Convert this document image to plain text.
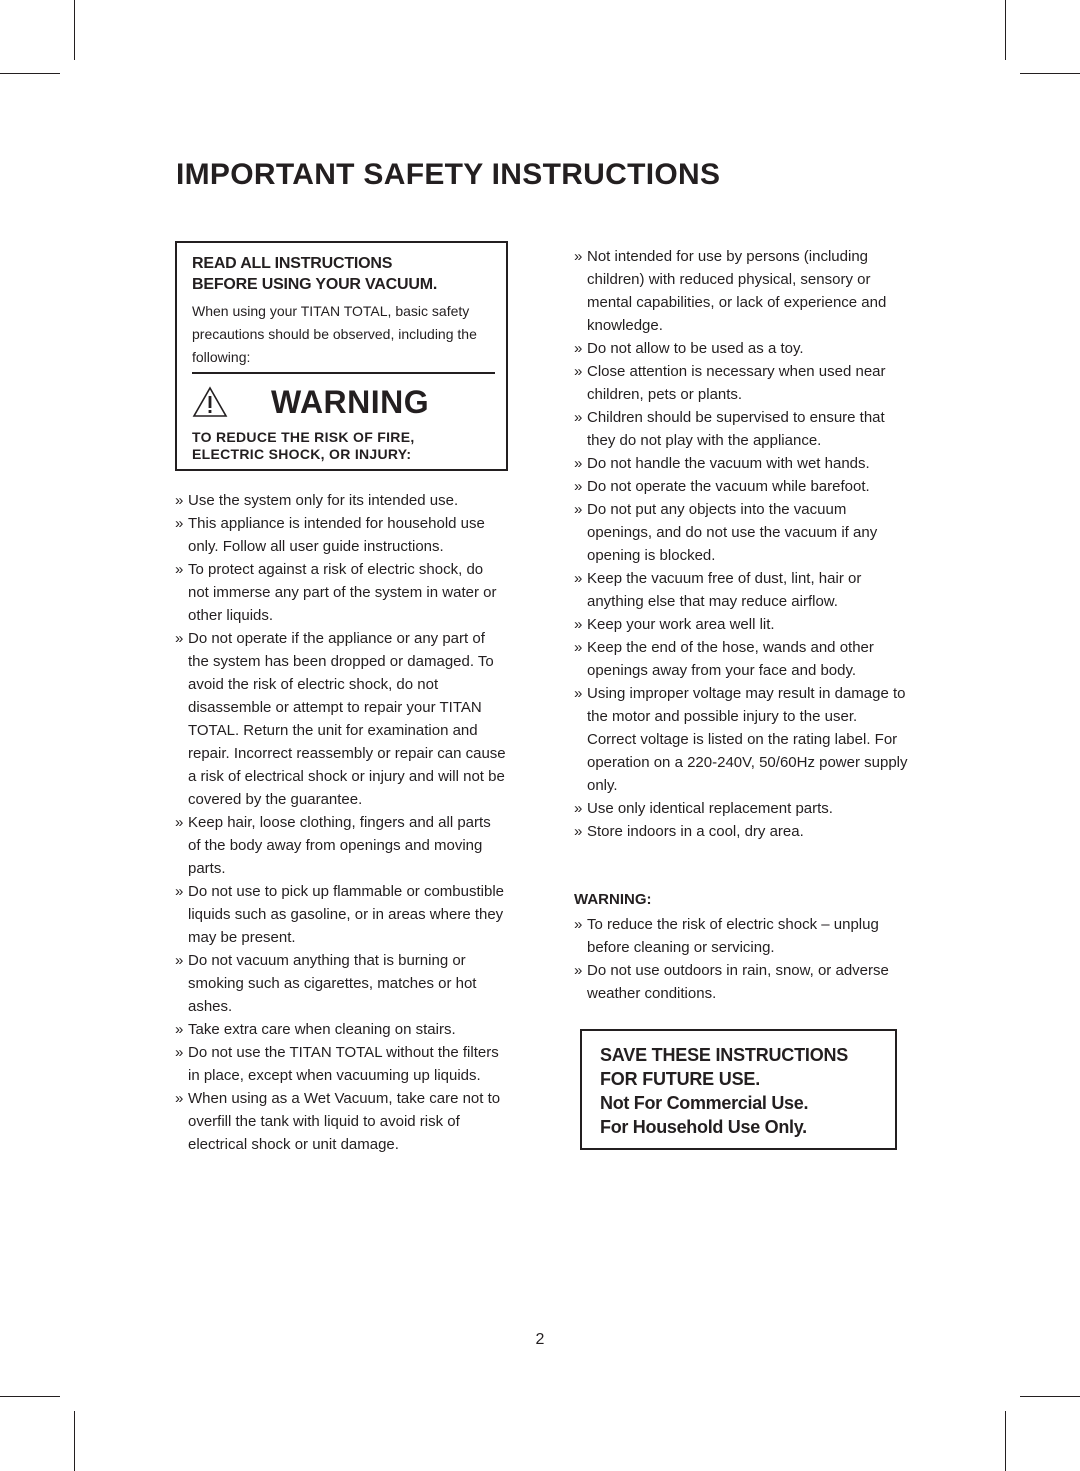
IMPORTANT SAFETY INSTRUCTIONS
READ ALL INSTRUCTIONS
BEFORE USING YOUR VACUUM.

When using your TITAN TOTAL, basic safety precautions should be observed, including the following:

WARNING
TO REDUCE THE RISK OF FIRE,
ELECTRIC SHOCK, OR INJURY:
» Use the system only for its intended use.
» This appliance is intended for household use only. Follow all user guide instructions.
» To protect against a risk of electric shock, do not immerse any part of the system in water or other liquids.
» Do not operate if the appliance or any part of the system has been dropped or damaged. To avoid the risk of electric shock, do not disassemble or attempt to repair your TITAN TOTAL. Return the unit for examination and repair. Incorrect reassembly or repair can cause a risk of electrical shock or injury and will not be covered by the guarantee.
» Keep hair, loose clothing, fingers and all parts of the body away from openings and moving parts.
» Do not use to pick up flammable or combustible liquids such as gasoline, or in areas where they may be present.
» Do not vacuum anything that is burning or smoking such as cigarettes, matches or hot ashes.
» Take extra care when cleaning on stairs.
» Do not use the TITAN TOTAL without the filters in place, except when vacuuming up liquids.
» When using as a Wet Vacuum, take care not to overfill the tank with liquid to avoid risk of electrical shock or unit damage.
» Not intended for use by persons (including children) with reduced physical, sensory or mental capabilities, or lack of experience and knowledge.
» Do not allow to be used as a toy.
» Close attention is necessary when used near children, pets or plants.
» Children should be supervised to ensure that they do not play with the appliance.
» Do not handle the vacuum with wet hands.
» Do not operate the vacuum while barefoot.
» Do not put any objects into the vacuum openings, and do not use the vacuum if any opening is blocked.
» Keep the vacuum free of dust, lint, hair or anything else that may reduce airflow.
» Keep your work area well lit.
» Keep the end of the hose, wands and other openings away from your face and body.
» Using improper voltage may result in damage to the motor and possible injury to the user. Correct voltage is listed on the rating label. For operation on a 220-240V, 50/60Hz power supply only.
» Use only identical replacement parts.
» Store indoors in a cool, dry area.
WARNING:
» To reduce the risk of electric shock – unplug before cleaning or servicing.
» Do not use outdoors in rain, snow, or adverse weather conditions.
SAVE THESE INSTRUCTIONS
FOR FUTURE USE.
Not For Commercial Use.
For Household Use Only.
2
